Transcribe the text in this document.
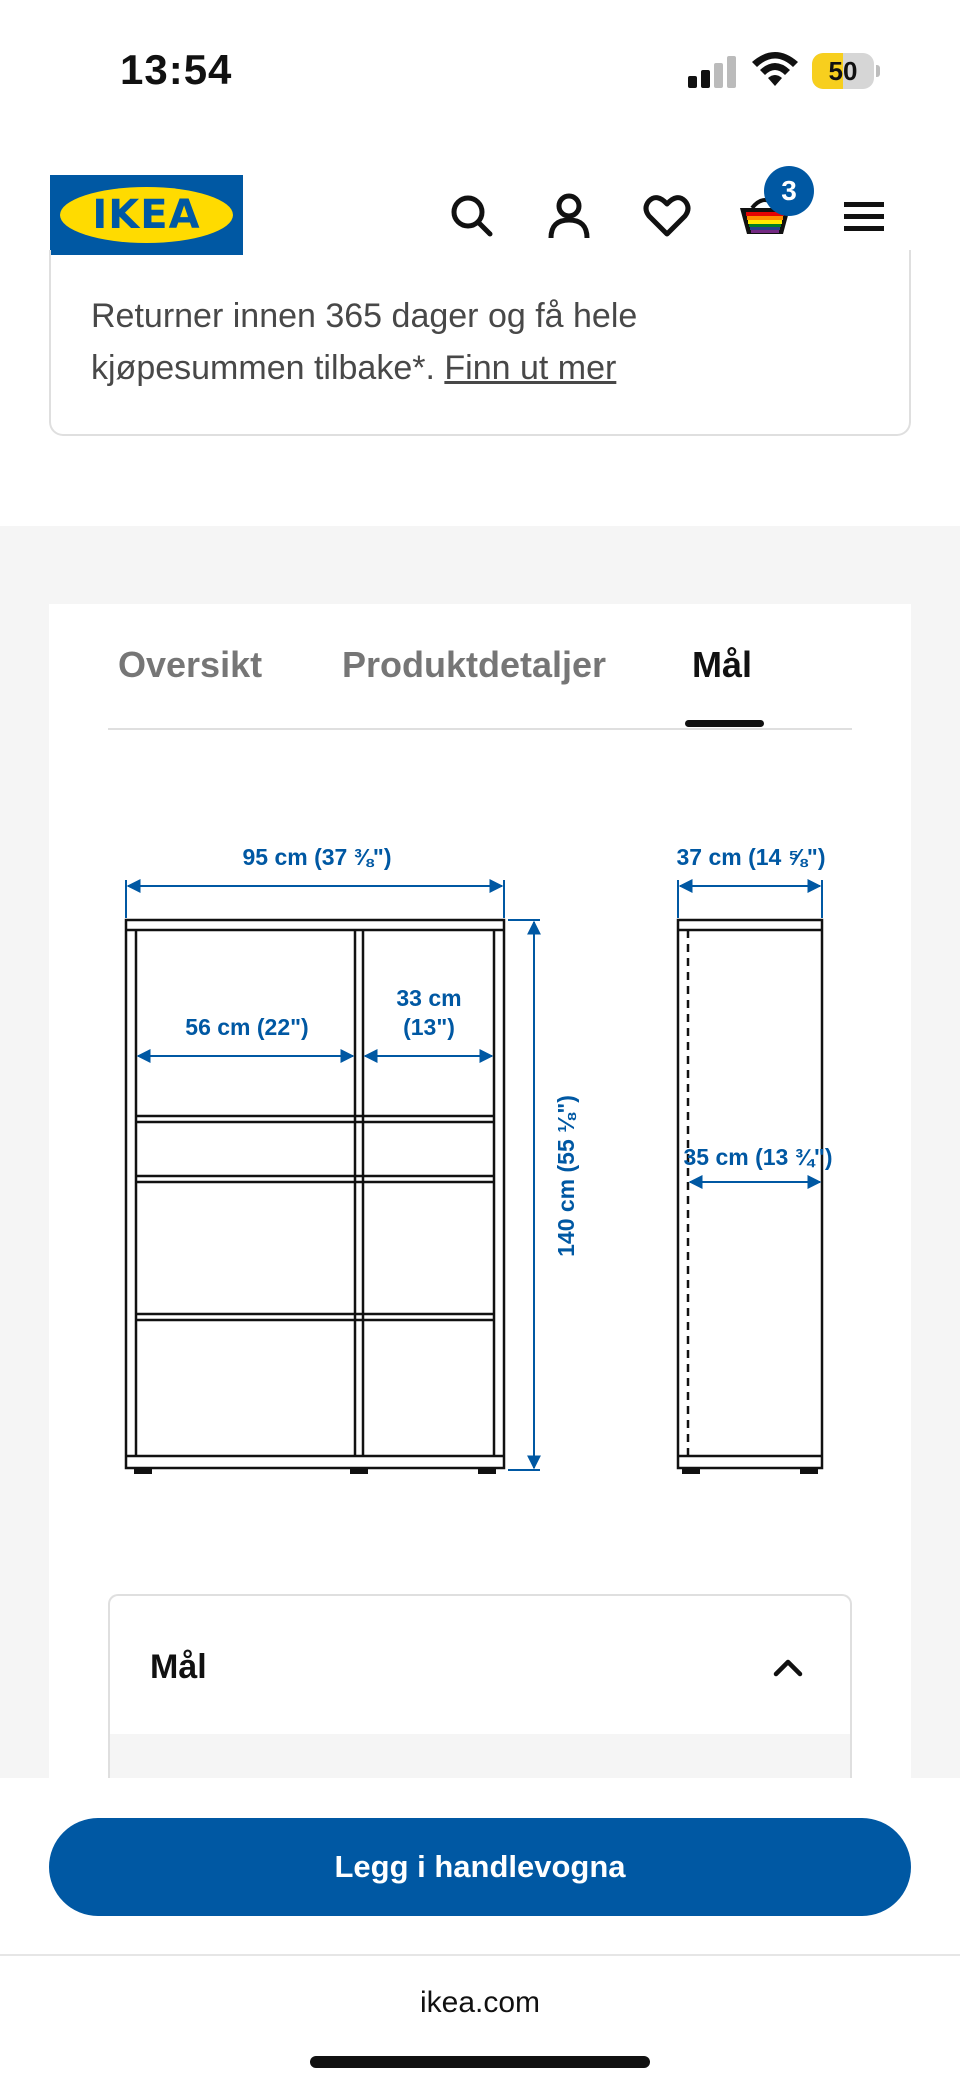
13:54	50
IKEA
3
Returner innen 365 dager og få hele
kjøpesummen tilbake*. Finn ut mer
Oversikt Produktdetaljer Mål
95 cm (37 ⅜")
56 cm (22")
33 cm
(13")
140 cm (55 ⅛")
37 cm (14 ⅝")
35 cm (13 ¾")
Mål
Legg i handlevogna
ikea.com
